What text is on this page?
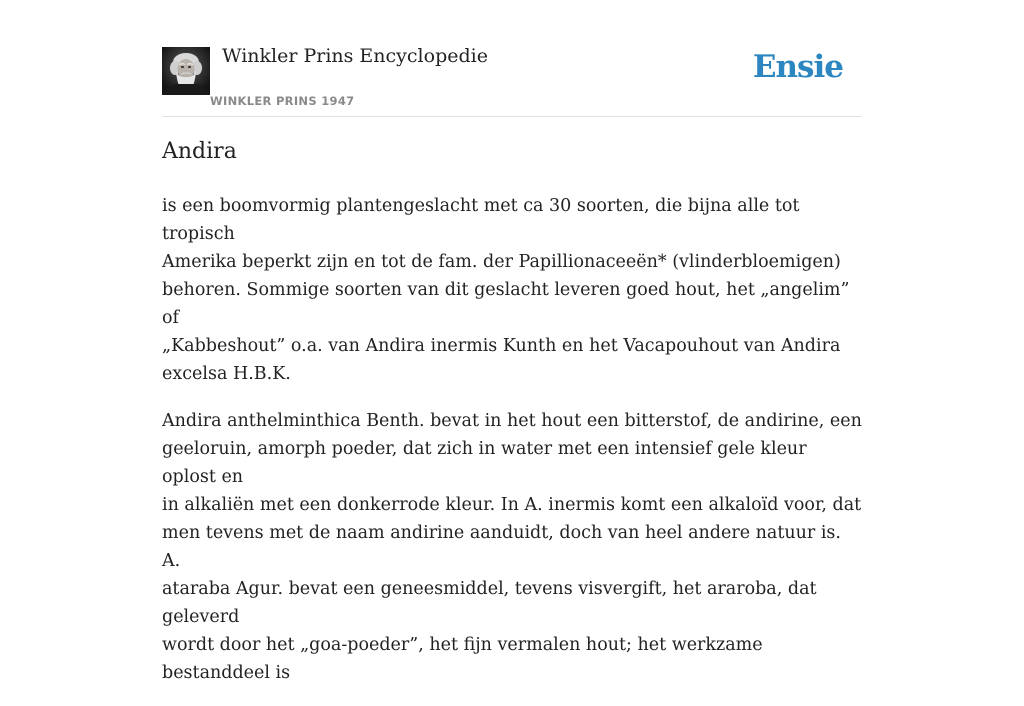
Winkler Prins Encyclopedie
WINKLER PRINS 1947
Ensie
Andira

is een boomvormig plantengeslacht met ca 30 soorten, die bijna alle tot tropisch
Amerika beperkt zijn en tot de fam. der Papillionaceeën* (vlinderbloemigen)
behoren. Sommige soorten van dit geslacht leveren goed hout, het „angelim” of
„Kabbeshout” o.a. van Andira inermis Kunth en het Vacapouhout van Andira
excelsa H.B.K.

Andira anthelminthica Benth. bevat in het hout een bitterstof, de andirine, een
geeloruin, amorph poeder, dat zich in water met een intensief gele kleur oplost en
in alkaliën met een donkerrode kleur. In A. inermis komt een alkaloïd voor, dat
men tevens met de naam andirine aanduidt, doch van heel andere natuur is. A.
ataraba Agur. bevat een geneesmiddel, tevens visvergift, het araroba, dat geleverd
wordt door het „goa-poeder”, het fijn vermalen hout; het werkzame bestanddeel is
